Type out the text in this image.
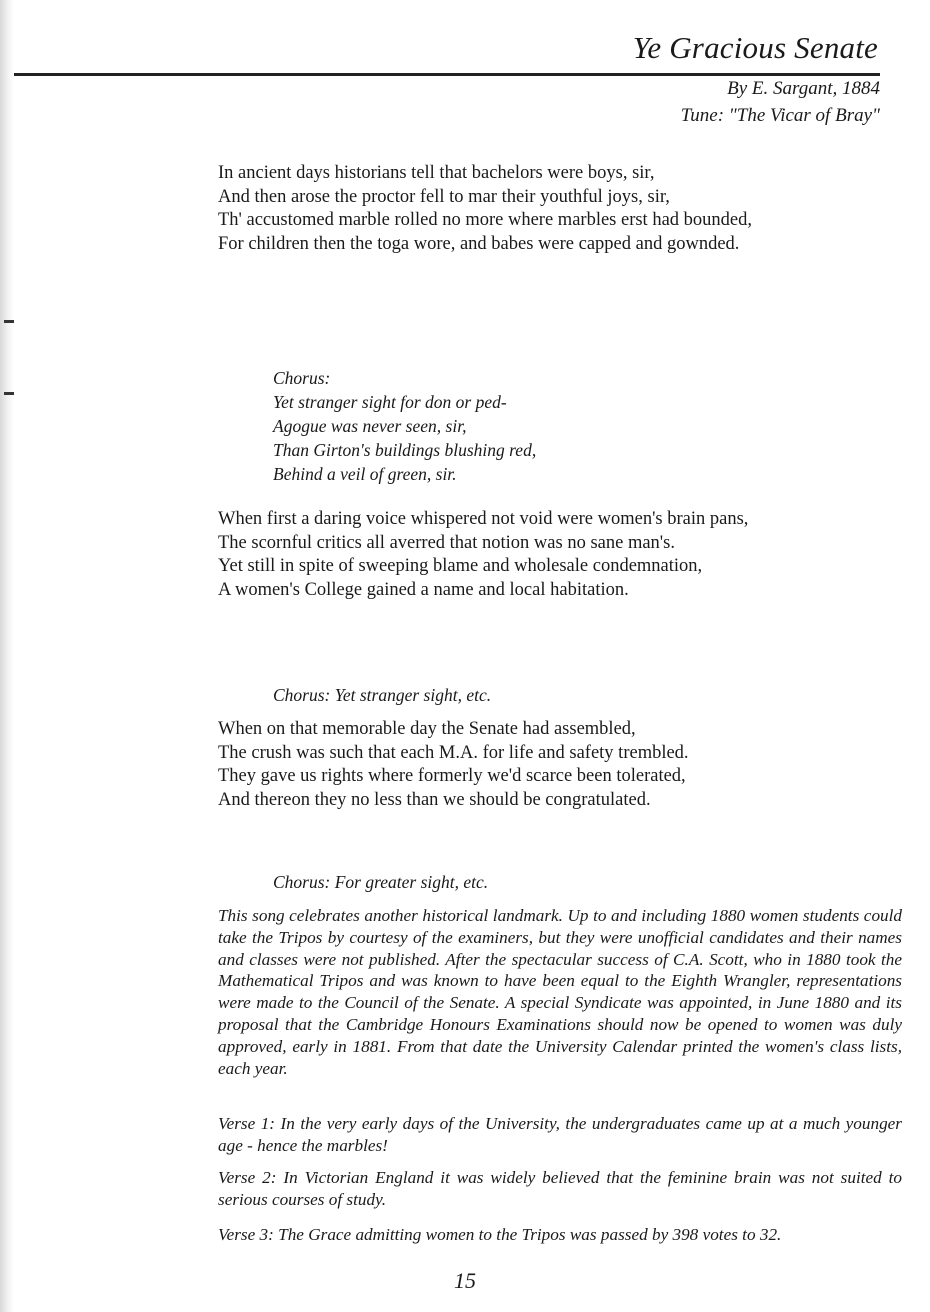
Ye Gracious Senate
By E. Sargant, 1884
Tune: "The Vicar of Bray"
In ancient days historians tell that bachelors were boys, sir,
And then arose the proctor fell to mar their youthful joys, sir,
Th' accustomed marble rolled no more where marbles erst had bounded,
For children then the toga wore, and babes were capped and gownded.
Chorus:
Yet stranger sight for don or ped-
Agogue was never seen, sir,
Than Girton's buildings blushing red,
Behind a veil of green, sir.
When first a daring voice whispered not void were women's brain pans,
The scornful critics all averred that notion was no sane man's.
Yet still in spite of sweeping blame and wholesale condemnation,
A women's College gained a name and local habitation.
Chorus: Yet stranger sight, etc.
When on that memorable day the Senate had assembled,
The crush was such that each M.A. for life and safety trembled.
They gave us rights where formerly we'd scarce been tolerated,
And thereon they no less than we should be congratulated.
Chorus: For greater sight, etc.

This song celebrates another historical landmark. Up to and including 1880 women students could take the Tripos by courtesy of the examiners, but they were unofficial candidates and their names and classes were not published. After the spectacular success of C.A. Scott, who in 1880 took the Mathematical Tripos and was known to have been equal to the Eighth Wrangler, representations were made to the Council of the Senate. A special Syndicate was appointed, in June 1880 and its proposal that the Cambridge Honours Examinations should now be opened to women was duly approved, early in 1881. From that date the University Calendar printed the women's class lists, each year.

Verse 1: In the very early days of the University, the undergraduates came up at a much younger age - hence the marbles!

Verse 2: In Victorian England it was widely believed that the feminine brain was not suited to serious courses of study.

Verse 3: The Grace admitting women to the Tripos was passed by 398 votes to 32.

15
